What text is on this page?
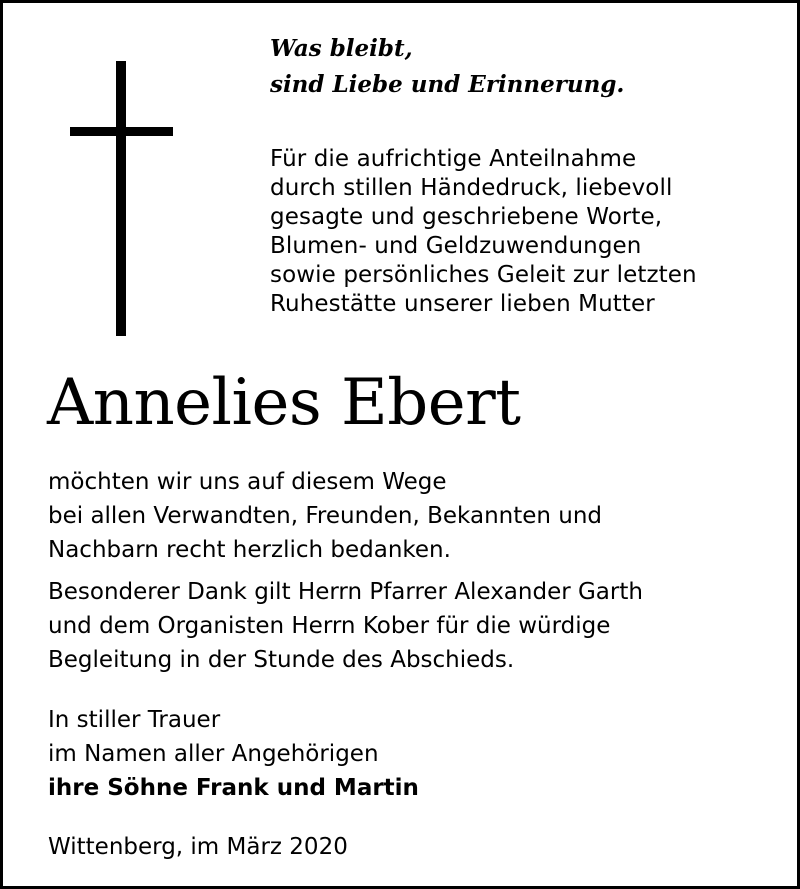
Was bleibt,
sind Liebe und Erinnerung.
Für die aufrichtige Anteilnahme
durch stillen Händedruck, liebevoll
gesagte und geschriebene Worte,
Blumen- und Geldzuwendungen
sowie persönliches Geleit zur letzten
Ruhestätte unserer lieben Mutter
Annelies Ebert
möchten wir uns auf diesem Wege
bei allen Verwandten, Freunden, Bekannten und
Nachbarn recht herzlich bedanken.
Besonderer Dank gilt Herrn Pfarrer Alexander Garth
und dem Organisten Herrn Kober für die würdige
Begleitung in der Stunde des Abschieds.
In stiller Trauer
im Namen aller Angehörigen
ihre Söhne Frank und Martin
Wittenberg, im März 2020
